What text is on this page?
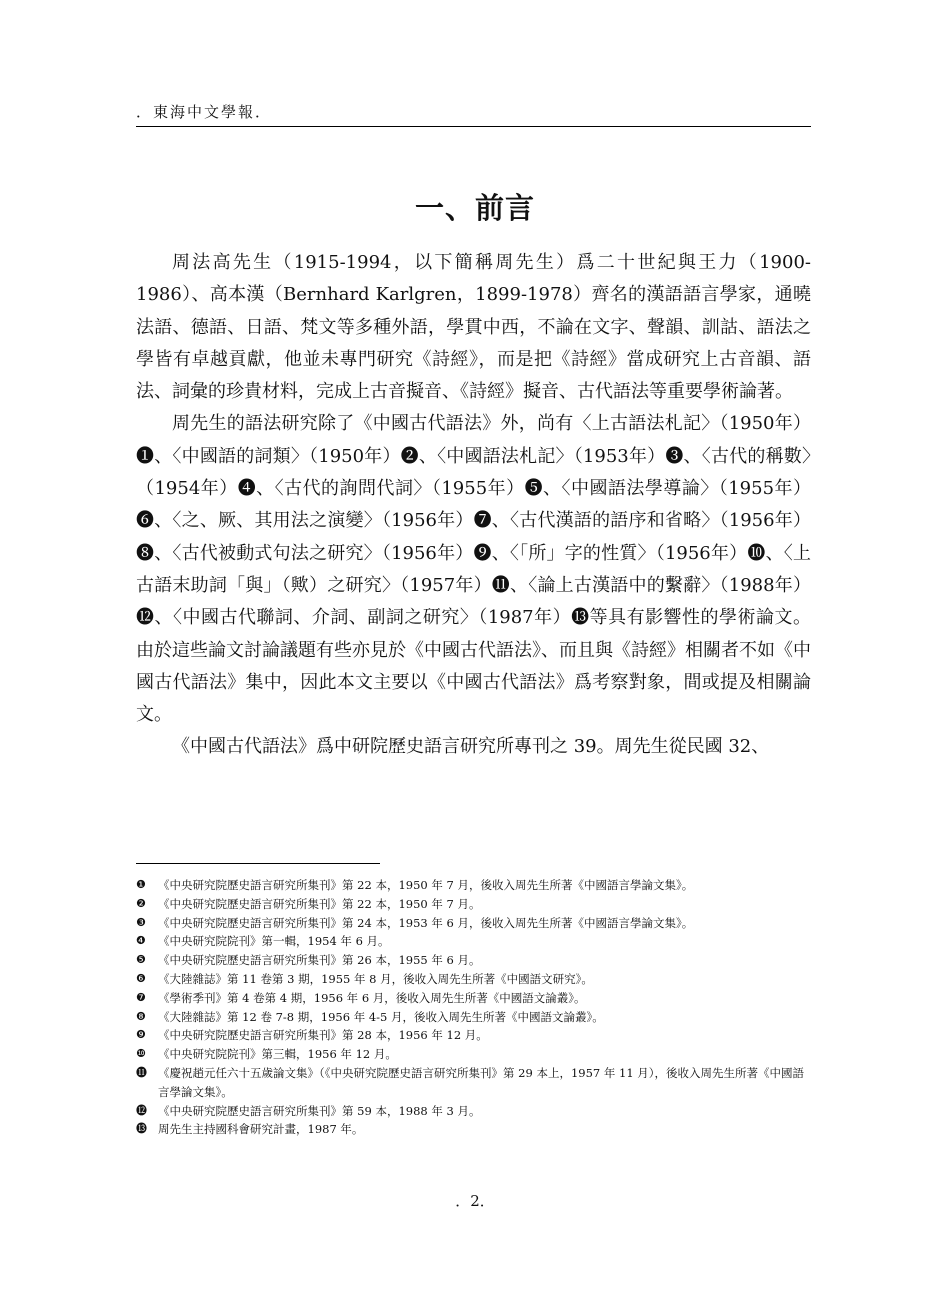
．東海中文學報．
一、前言

周法高先生（1915-1994，以下簡稱周先生）爲二十世紀與王力（1900-1986）、高本漢（Bernhard Karlgren，1899-1978）齊名的漢語語言學家，通曉法語、德語、日語、梵文等多種外語，學貫中西，不論在文字、聲韻、訓詁、語法之學皆有卓越貢獻，他並未專門研究《詩經》，而是把《詩經》當成研究上古音韻、語法、詞彙的珍貴材料，完成上古音擬音、《詩經》擬音、古代語法等重要學術論著。

周先生的語法研究除了《中國古代語法》外，尚有〈上古語法札記〉（1950年）❶、〈中國語的詞類〉（1950年）❷、〈中國語法札記〉（1953年）❸、〈古代的稱數〉（1954年）❹、〈古代的詢問代詞〉（1955年）❺、〈中國語法學導論〉（1955年）❻、〈之、厥、其用法之演變〉（1956年）❼、〈古代漢語的語序和省略〉（1956年）❽、〈古代被動式句法之研究〉（1956年）❾、〈「所」字的性質〉（1956年）❿、〈上古語末助詞「與」（歟）之研究〉（1957年）⓫、〈論上古漢語中的繫辭〉（1988年）⓬、〈中國古代聯詞、介詞、副詞之研究〉（1987年）⓭等具有影響性的學術論文。由於這些論文討論議題有些亦見於《中國古代語法》、而且與《詩經》相關者不如《中國古代語法》集中，因此本文主要以《中國古代語法》爲考察對象，間或提及相關論文。

《中國古代語法》爲中研院歷史語言研究所專刊之 39。周先生從民國 32、

❶	《中央研究院歷史語言研究所集刊》第 22 本，1950 年 7 月，後收入周先生所著《中國語言學論文集》。
❷	《中央研究院歷史語言研究所集刊》第 22 本，1950 年 7 月。
❸	《中央研究院歷史語言研究所集刊》第 24 本，1953 年 6 月，後收入周先生所著《中國語言學論文集》。
❹	《中央研究院院刊》第一輯，1954 年 6 月。
❺	《中央研究院歷史語言研究所集刊》第 26 本，1955 年 6 月。
❻	《大陸雜誌》第 11 卷第 3 期，1955 年 8 月，後收入周先生所著《中國語文研究》。
❼	《學術季刊》第 4 卷第 4 期，1956 年 6 月，後收入周先生所著《中國語文論叢》。
❽	《大陸雜誌》第 12 卷 7-8 期，1956 年 4-5 月，後收入周先生所著《中國語文論叢》。
❾	《中央研究院歷史語言研究所集刊》第 28 本，1956 年 12 月。
❿	《中央研究院院刊》第三輯，1956 年 12 月。
⓫ 《慶祝趙元任六十五歲論文集》（《中央研究院歷史語言研究所集刊》第 29 本上，1957 年 11 月），後收入周先生所著《中國語言學論文集》。
⓬ 《中央研究院歷史語言研究所集刊》第 59 本，1988 年 3 月。
⓭ 周先生主持國科會研究計畫，1987 年。
．2．
